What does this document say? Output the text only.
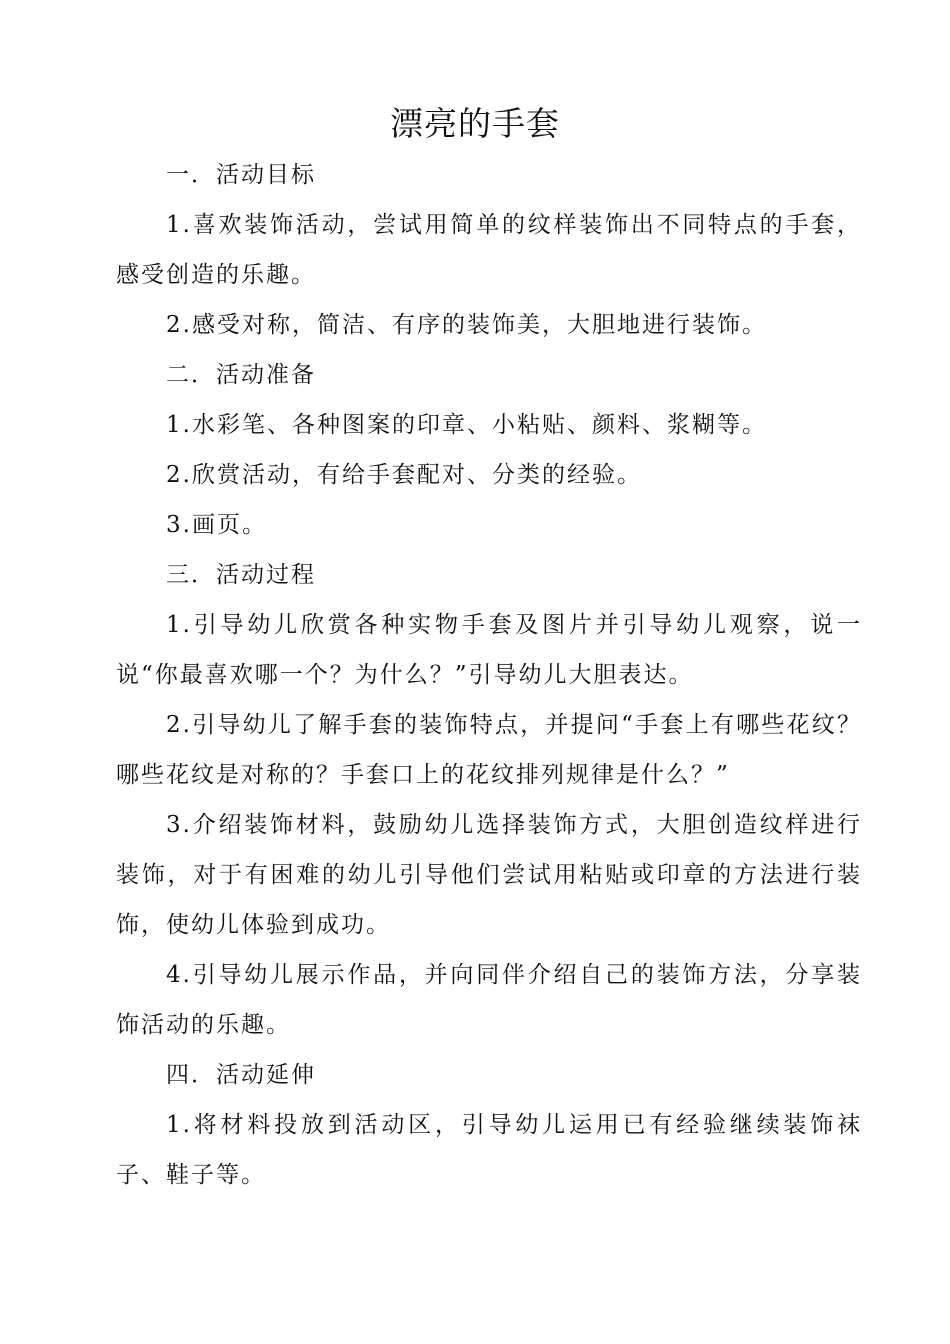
漂亮的手套

一．活动目标

1.喜欢装饰活动，尝试用简单的纹样装饰出不同特点的手套，感受创造的乐趣。

2.感受对称，简洁、有序的装饰美，大胆地进行装饰。

二．活动准备

1.水彩笔、各种图案的印章、小粘贴、颜料、浆糊等。

2.欣赏活动，有给手套配对、分类的经验。

3.画页。

三．活动过程

1.引导幼儿欣赏各种实物手套及图片并引导幼儿观察，说一说“你最喜欢哪一个？为什么？”引导幼儿大胆表达。

2.引导幼儿了解手套的装饰特点，并提问“手套上有哪些花纹？哪些花纹是对称的？手套口上的花纹排列规律是什么？”

3.介绍装饰材料，鼓励幼儿选择装饰方式，大胆创造纹样进行装饰，对于有困难的幼儿引导他们尝试用粘贴或印章的方法进行装饰，使幼儿体验到成功。

4.引导幼儿展示作品，并向同伴介绍自己的装饰方法，分享装饰活动的乐趣。

四．活动延伸

1.将材料投放到活动区，引导幼儿运用已有经验继续装饰袜子、鞋子等。
